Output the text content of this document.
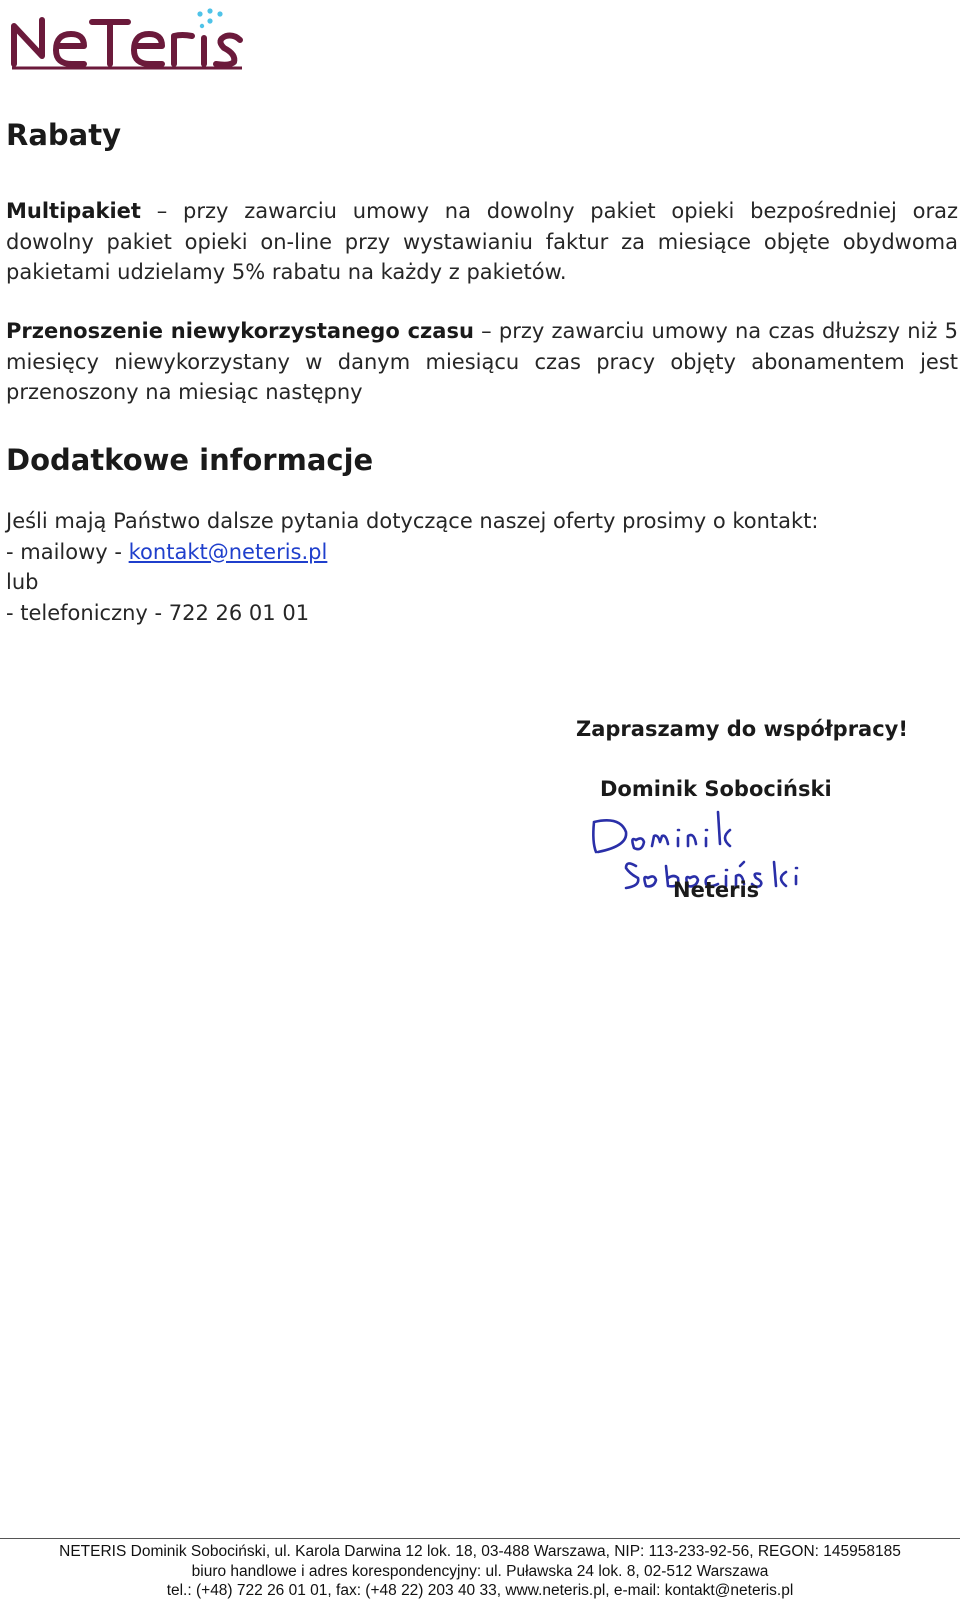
Rabaty

Multipakiet – przy zawarciu umowy na dowolny pakiet opieki bezpośredniej oraz dowolny pakiet opieki on-line przy wystawianiu faktur za miesiące objęte obydwoma pakietami udzielamy 5% rabatu na każdy z pakietów.

Przenoszenie niewykorzystanego czasu – przy zawarciu umowy na czas dłuższy niż 5 miesięcy niewykorzystany w danym miesiącu czas pracy objęty abonamentem jest przenoszony na miesiąc następny

Dodatkowe informacje
Jeśli mają Państwo dalsze pytania dotyczące naszej oferty prosimy o kontakt:
- mailowy - kontakt@neteris.pl
lub
- telefoniczny - 722 26 01 01
Zapraszamy do współpracy!
Dominik Sobociński
Neteris
NETERIS Dominik Sobociński, ul. Karola Darwina 12 lok. 18, 03-488 Warszawa, NIP: 113-233-92-56, REGON: 145958185
biuro handlowe i adres korespondencyjny: ul. Puławska 24 lok. 8, 02-512 Warszawa
tel.: (+48) 722 26 01 01, fax: (+48 22) 203 40 33, www.neteris.pl, e-mail: kontakt@neteris.pl
